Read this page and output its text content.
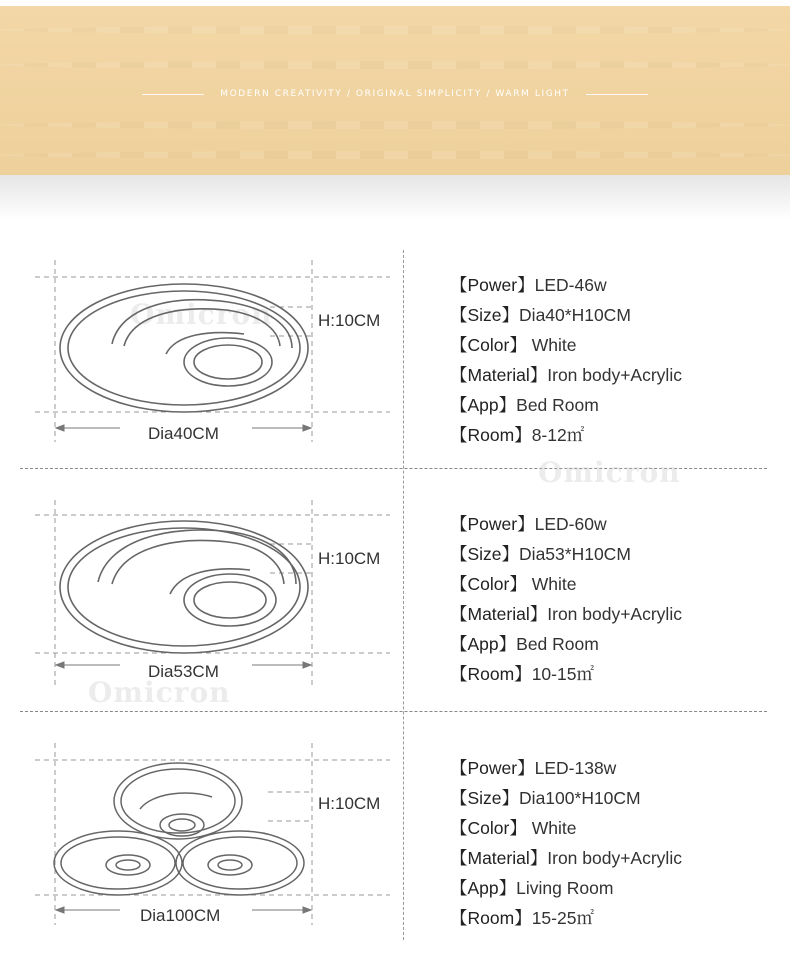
MODERN CREATIVITY / ORIGINAL SIMPLICITY / WARM LIGHT
Omicron
Omicron
Omicron
H:10CM
Dia40CM
H:10CM
Dia53CM
H:10CM
Dia100CM
【Power】LED-46w
【Size】Dia40*H10CM
【Color】 White
【Material】Iron body+Acrylic
【App】Bed Room
【Room】8-12㎡
【Power】LED-60w
【Size】Dia53*H10CM
【Color】 White
【Material】Iron body+Acrylic
【App】Bed Room
【Room】10-15㎡
【Power】LED-138w
【Size】Dia100*H10CM
【Color】 White
【Material】Iron body+Acrylic
【App】Living Room
【Room】15-25㎡
